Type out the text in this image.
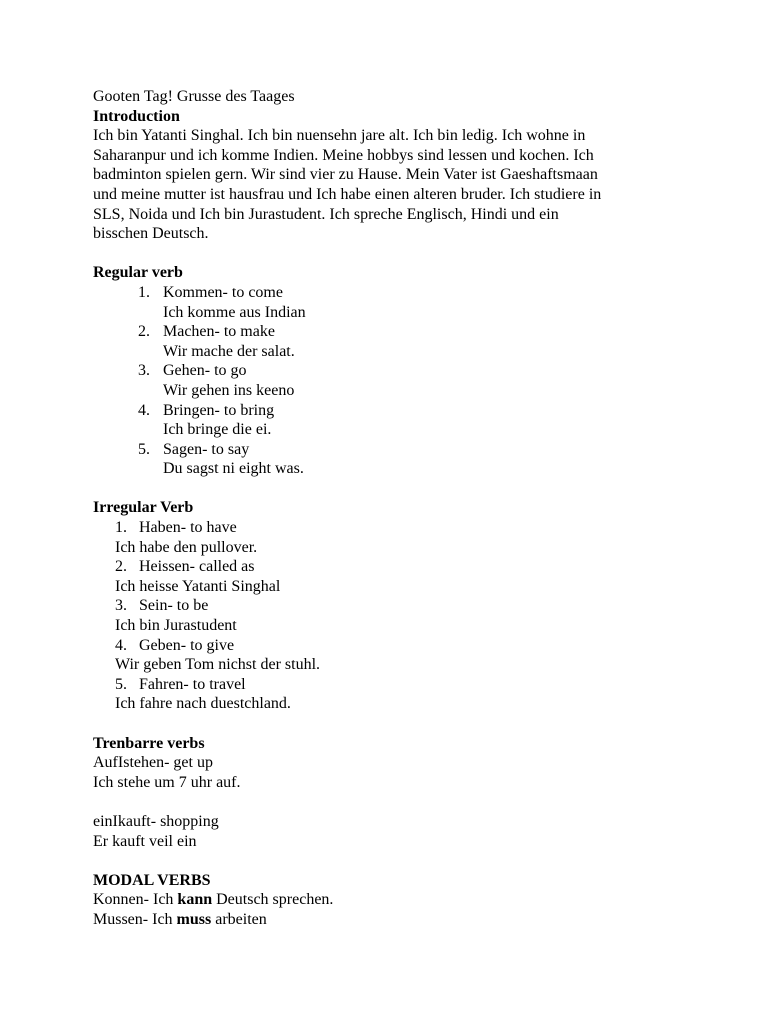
Gooten Tag! Grusse des Taages
Introduction
Ich bin Yatanti Singhal. Ich bin nuensehn jare alt. Ich bin ledig. Ich wohne in
Saharanpur und ich komme Indien. Meine hobbys sind lessen und kochen. Ich
badminton spielen gern. Wir sind vier zu Hause. Mein Vater ist Gaeshaftsmaan
und meine mutter ist hausfrau und Ich habe einen alteren bruder. Ich studiere in
SLS, Noida und Ich bin Jurastudent. Ich spreche Englisch, Hindi und ein
bisschen Deutsch.
Regular verb
1. Kommen- to come
Ich komme aus Indian
2. Machen- to make
Wir mache der salat.
3. Gehen- to go
Wir gehen ins keeno
4. Bringen- to bring
Ich bringe die ei.
5. Sagen- to say
Du sagst ni eight was.
Irregular Verb
1. Haben- to have
Ich habe den pullover.
2. Heissen- called as
Ich heisse Yatanti Singhal
3. Sein- to be
Ich bin Jurastudent
4. Geben- to give
Wir geben Tom nichst der stuhl.
5. Fahren- to travel
Ich fahre nach duestchland.
Trenbarre verbs
AufIstehen- get up
Ich stehe um 7 uhr auf.
einIkauft- shopping
Er kauft veil ein
MODAL VERBS
Konnen- Ich kann Deutsch sprechen.
Mussen- Ich muss arbeiten
